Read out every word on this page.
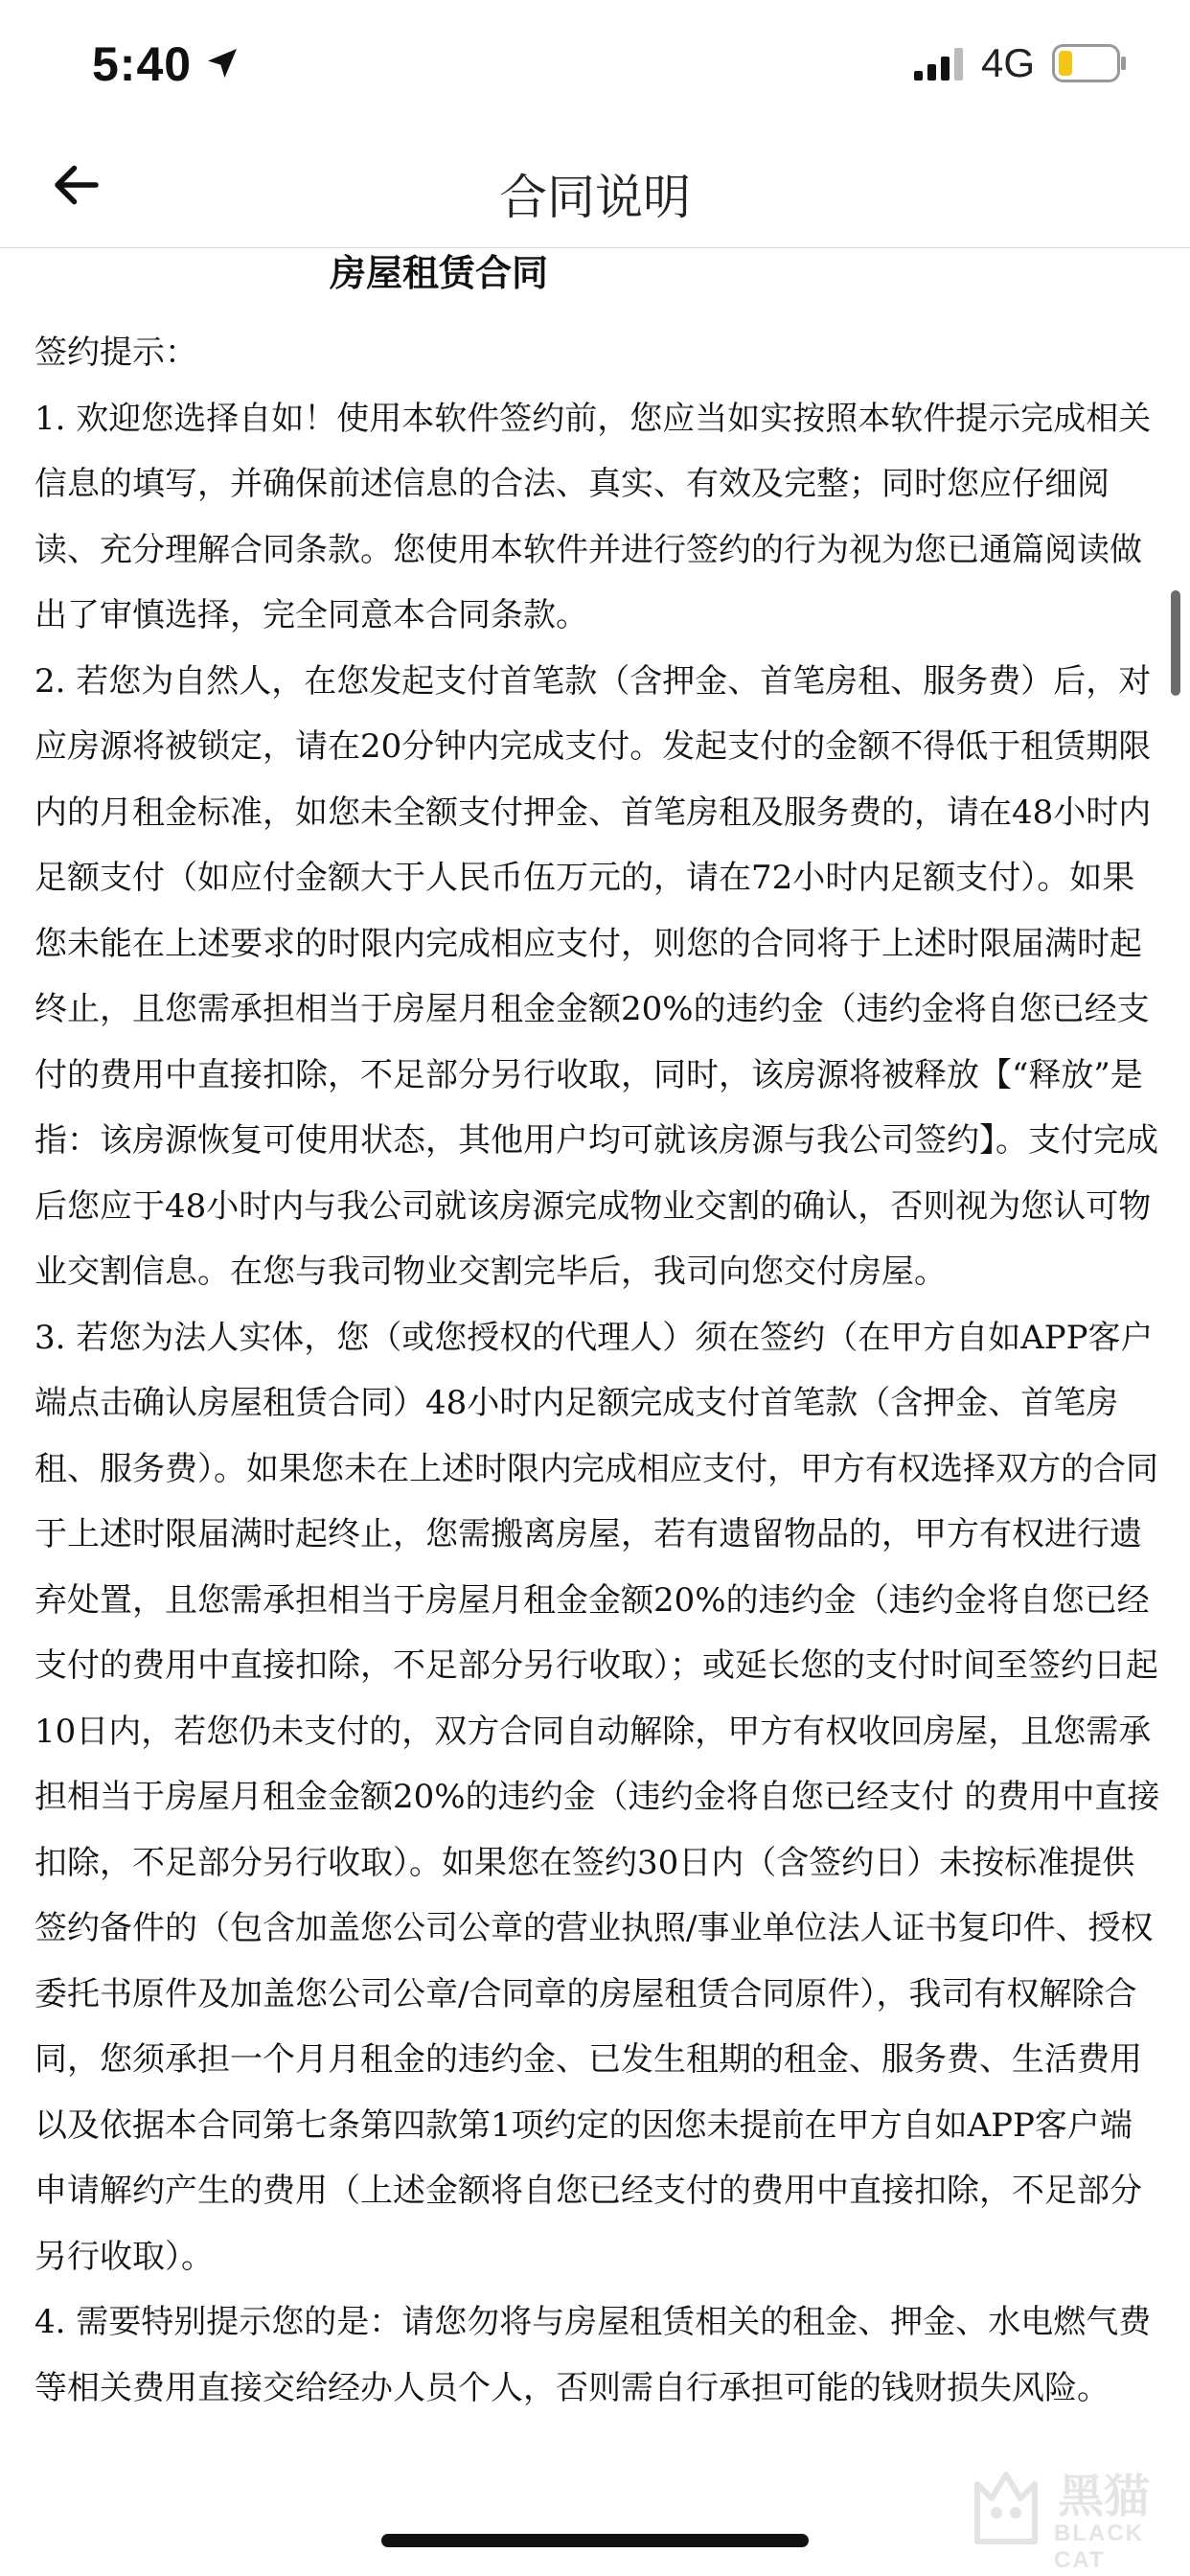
5:40	4G
合同说明
房屋租赁合同

签约提示：

1. 欢迎您选择自如！使用本软件签约前，您应当如实按照本软件提示完成相关信息的填写，并确保前述信息的合法、真实、有效及完整；同时您应仔细阅读、充分理解合同条款。您使用本软件并进行签约的行为视为您已通篇阅读做出了审慎选择，完全同意本合同条款。

2. 若您为自然人，在您发起支付首笔款（含押金、首笔房租、服务费）后，对应房源将被锁定，请在20分钟内完成支付。发起支付的金额不得低于租赁期限内的月租金标准，如您未全额支付押金、首笔房租及服务费的，请在48小时内足额支付（如应付金额大于人民币伍万元的，请在72小时内足额支付）。如果您未能在上述要求的时限内完成相应支付，则您的合同将于上述时限届满时起终止，且您需承担相当于房屋月租金金额20%的违约金（违约金将自您已经支付的费用中直接扣除，不足部分另行收取，同时，该房源将被释放【“释放”是指：该房源恢复可使用状态，其他用户均可就该房源与我公司签约】。支付完成后您应于48小时内与我公司就该房源完成物业交割的确认，否则视为您认可物业交割信息。在您与我司物业交割完毕后，我司向您交付房屋。

3. 若您为法人实体，您（或您授权的代理人）须在签约（在甲方自如APP客户端点击确认房屋租赁合同）48小时内足额完成支付首笔款（含押金、首笔房租、服务费）。如果您未在上述时限内完成相应支付，甲方有权选择双方的合同于上述时限届满时起终止，您需搬离房屋，若有遗留物品的，甲方有权进行遗弃处置，且您需承担相当于房屋月租金金额20%的违约金（违约金将自您已经支付的费用中直接扣除，不足部分另行收取）；或延长您的支付时间至签约日起 10日内，若您仍未支付的，双方合同自动解除，甲方有权收回房屋，且您需承担相当于房屋月租金金额20%的违约金（违约金将自您已经支付 的费用中直接扣除，不足部分另行收取）。如果您在签约30日内（含签约日）未按标准提供签约备件的（包含加盖您公司公章的营业执照/事业单位法人证书复印件、授权委托书原件及加盖您公司公章/合同章的房屋租赁合同原件），我司有权解除合同，您须承担一个月月租金的违约金、已发生租期的租金、服务费、生活费用以及依据本合同第七条第四款第1项约定的因您未提前在甲方自如APP客户端申请解约产生的费用（上述金额将自您已经支付的费用中直接扣除，不足部分另行收取）。

4. 需要特别提示您的是：请您勿将与房屋租赁相关的租金、押金、水电燃气费等相关费用直接交给经办人员个人，否则需自行承担可能的钱财损失风险。

黑猫
BLACK CAT
